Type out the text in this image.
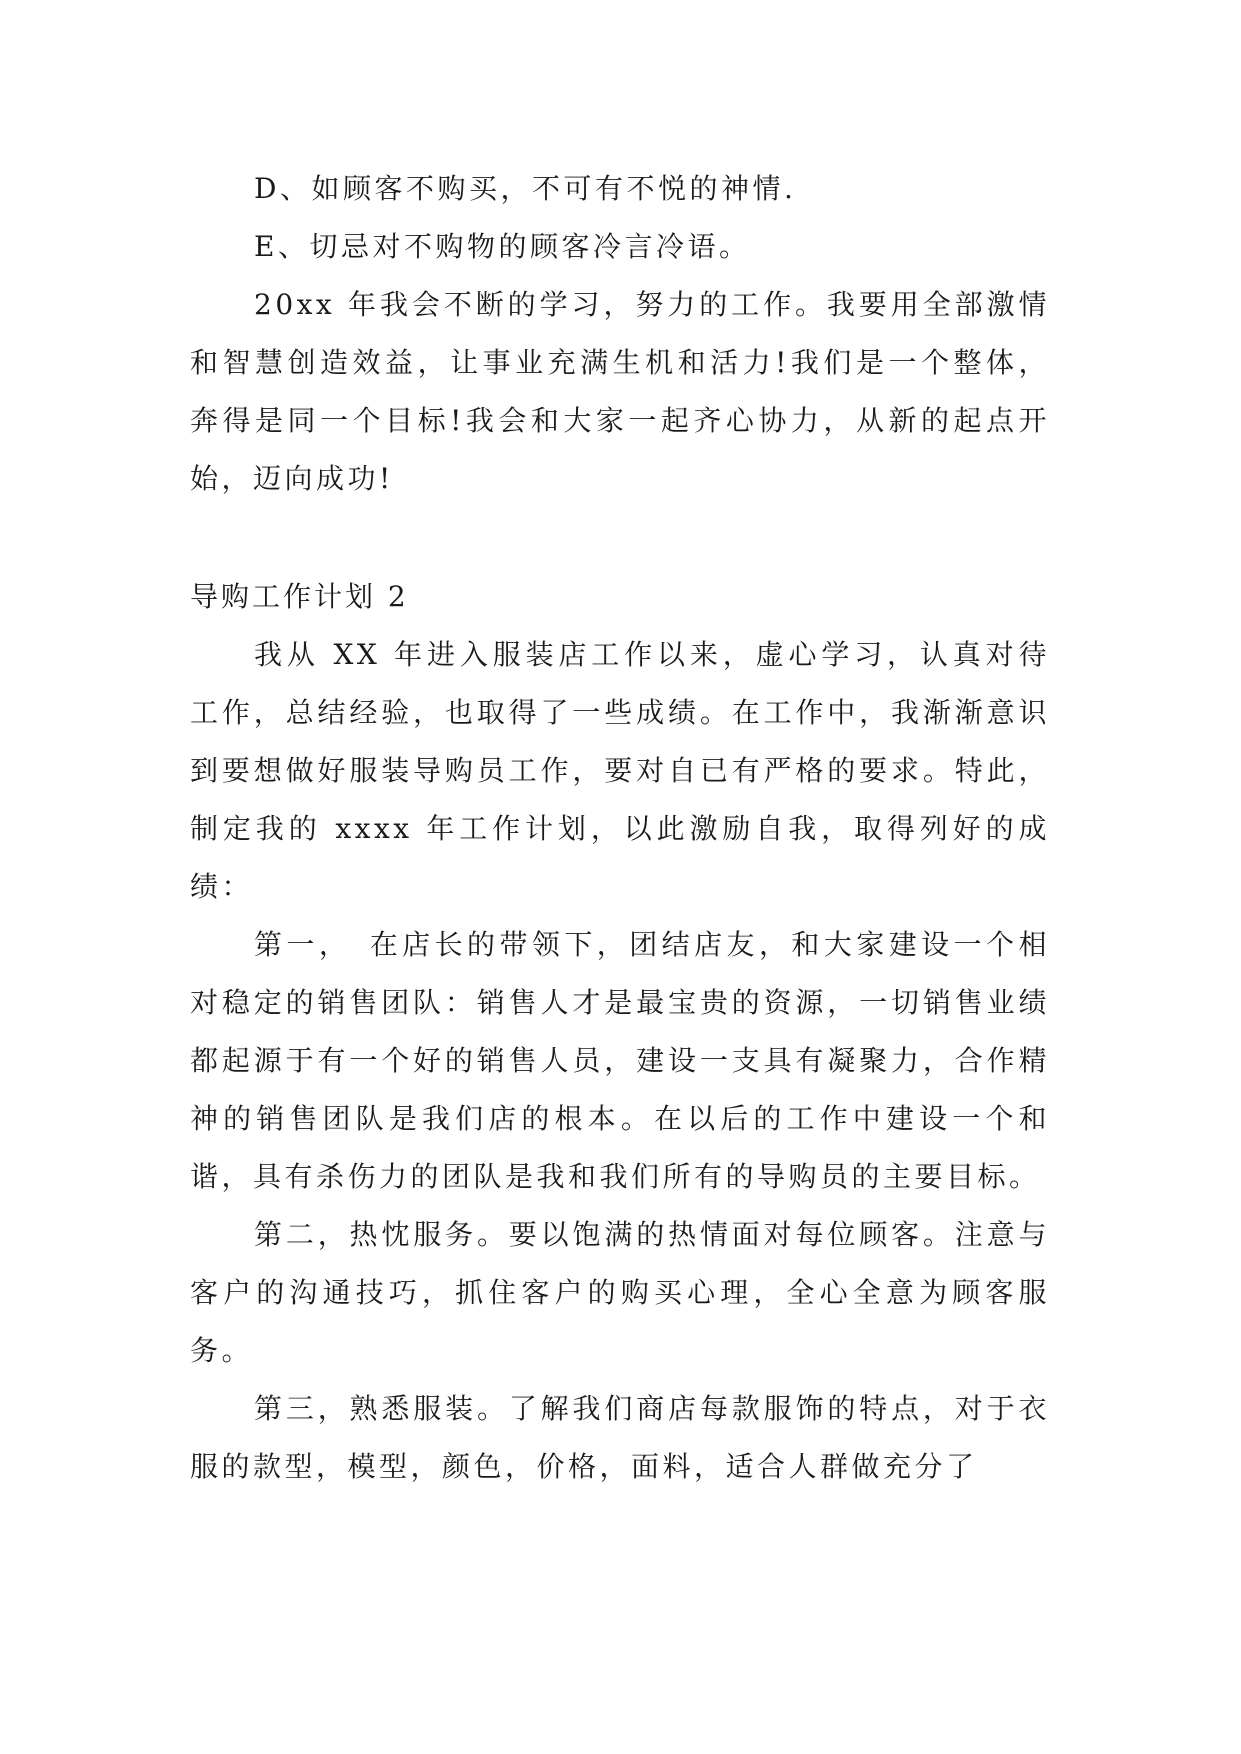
D、如顾客不购买，不可有不悦的神情.

E、切忌对不购物的顾客冷言冷语。

20xx 年我会不断的学习，努力的工作。我要用全部激情和智慧创造效益，让事业充满生机和活力!我们是一个整体，奔得是同一个目标!我会和大家一起齐心协力，从新的起点开始，迈向成功!

导购工作计划 2

我从 XX 年进入服装店工作以来，虚心学习，认真对待工作，总结经验，也取得了一些成绩。在工作中，我渐渐意识到要想做好服装导购员工作，要对自已有严格的要求。特此，制定我的 xxxx 年工作计划，以此激励自我，取得列好的成绩：

第一，　在店长的带领下，团结店友，和大家建设一个相对稳定的销售团队：销售人才是最宝贵的资源，一切销售业绩都起源于有一个好的销售人员，建设一支具有凝聚力，合作精神的销售团队是我们店的根本。在以后的工作中建设一个和谐，具有杀伤力的团队是我和我们所有的导购员的主要目标。

第二，热忱服务。要以饱满的热情面对每位顾客。注意与客户的沟通技巧，抓住客户的购买心理，全心全意为顾客服务。

第三，熟悉服装。了解我们商店每款服饰的特点，对于衣服的款型，模型，颜色，价格，面料，适合人群做充分了
